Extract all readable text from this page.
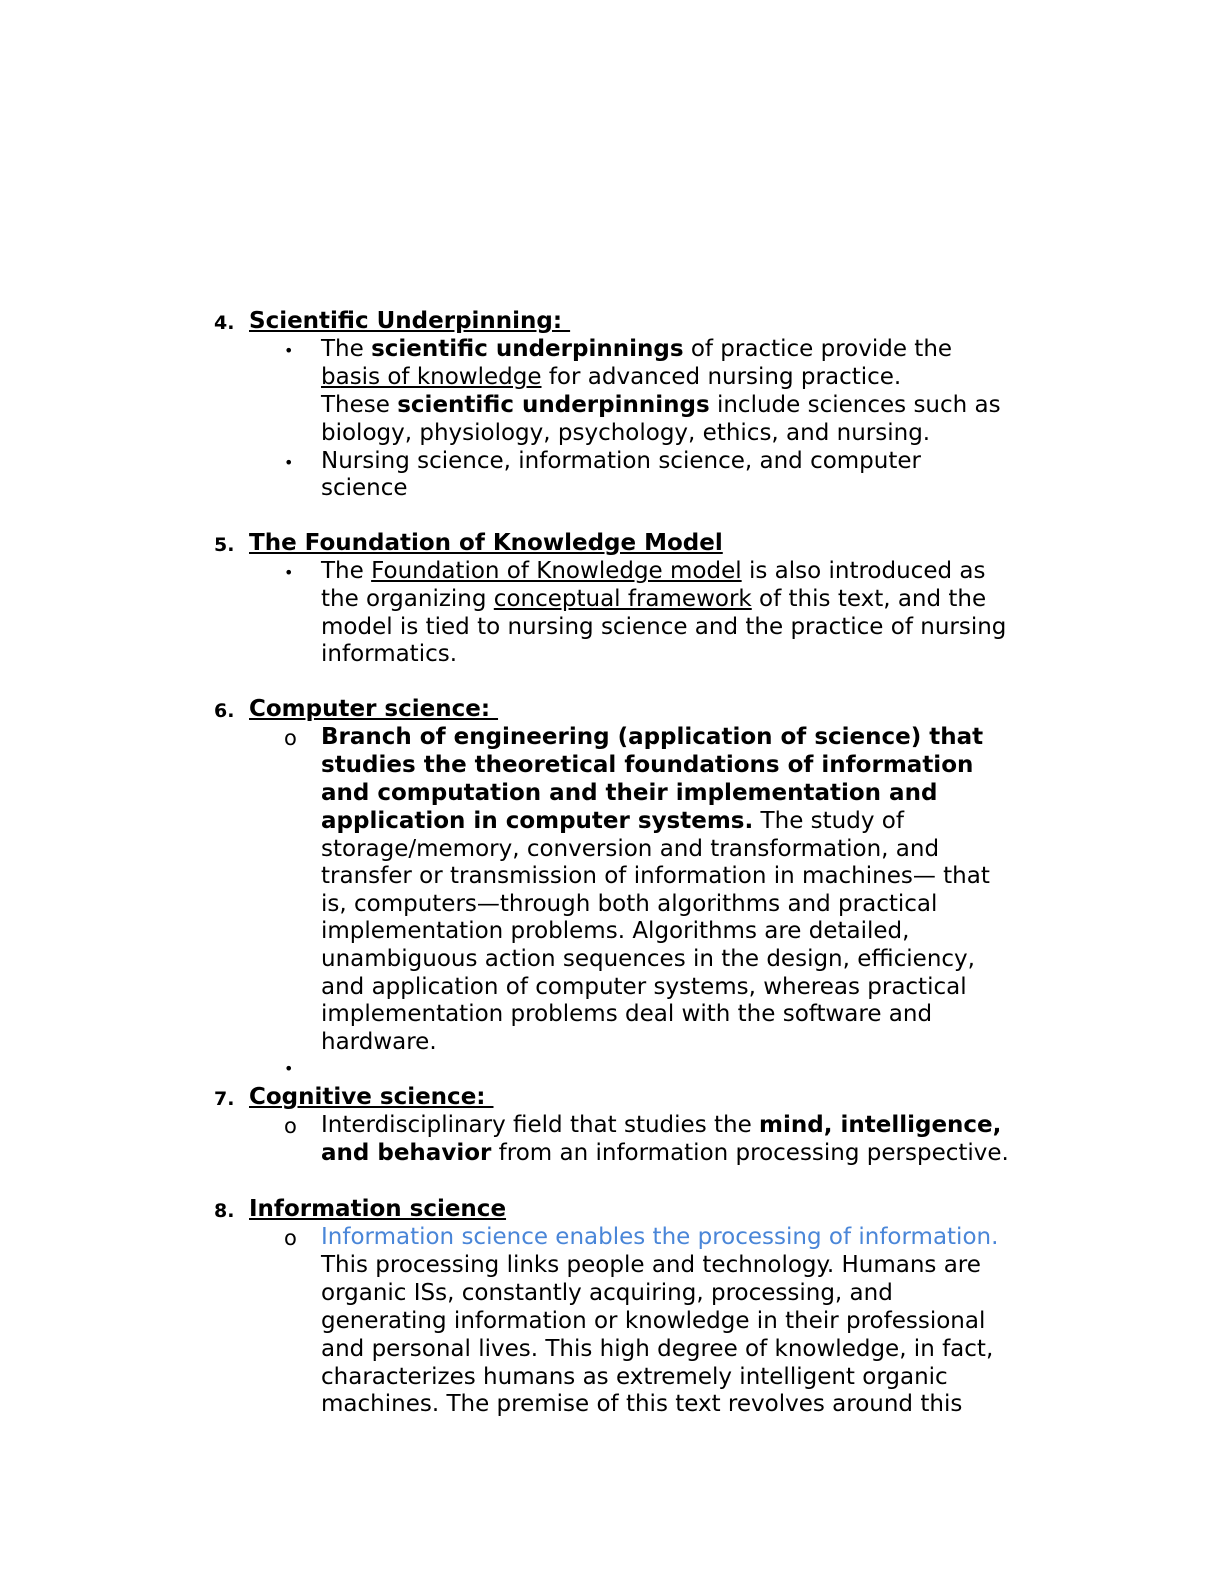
4. Scientific Underpinning:
• The scientific underpinnings of practice provide the
basis of knowledge for advanced nursing practice.
These scientific underpinnings include sciences such as
biology, physiology, psychology, ethics, and nursing.
• Nursing science, information science, and computer
science
5. The Foundation of Knowledge Model
• The Foundation of Knowledge model is also introduced as
the organizing conceptual framework of this text, and the
model is tied to nursing science and the practice of nursing
informatics.
6. Computer science:
o Branch of engineering (application of science) that
studies the theoretical foundations of information
and computation and their implementation and
application in computer systems. The study of
storage/memory, conversion and transformation, and
transfer or transmission of information in machines— that
is, computers—through both algorithms and practical
implementation problems. Algorithms are detailed,
unambiguous action sequences in the design, efficiency,
and application of computer systems, whereas practical
implementation problems deal with the software and
hardware.
•
7. Cognitive science:
o Interdisciplinary field that studies the mind, intelligence,
and behavior from an information processing perspective.
8. Information science
o Information science enables the processing of information.
This processing links people and technology. Humans are
organic ISs, constantly acquiring, processing, and
generating information or knowledge in their professional
and personal lives. This high degree of knowledge, in fact,
characterizes humans as extremely intelligent organic
machines. The premise of this text revolves around this
